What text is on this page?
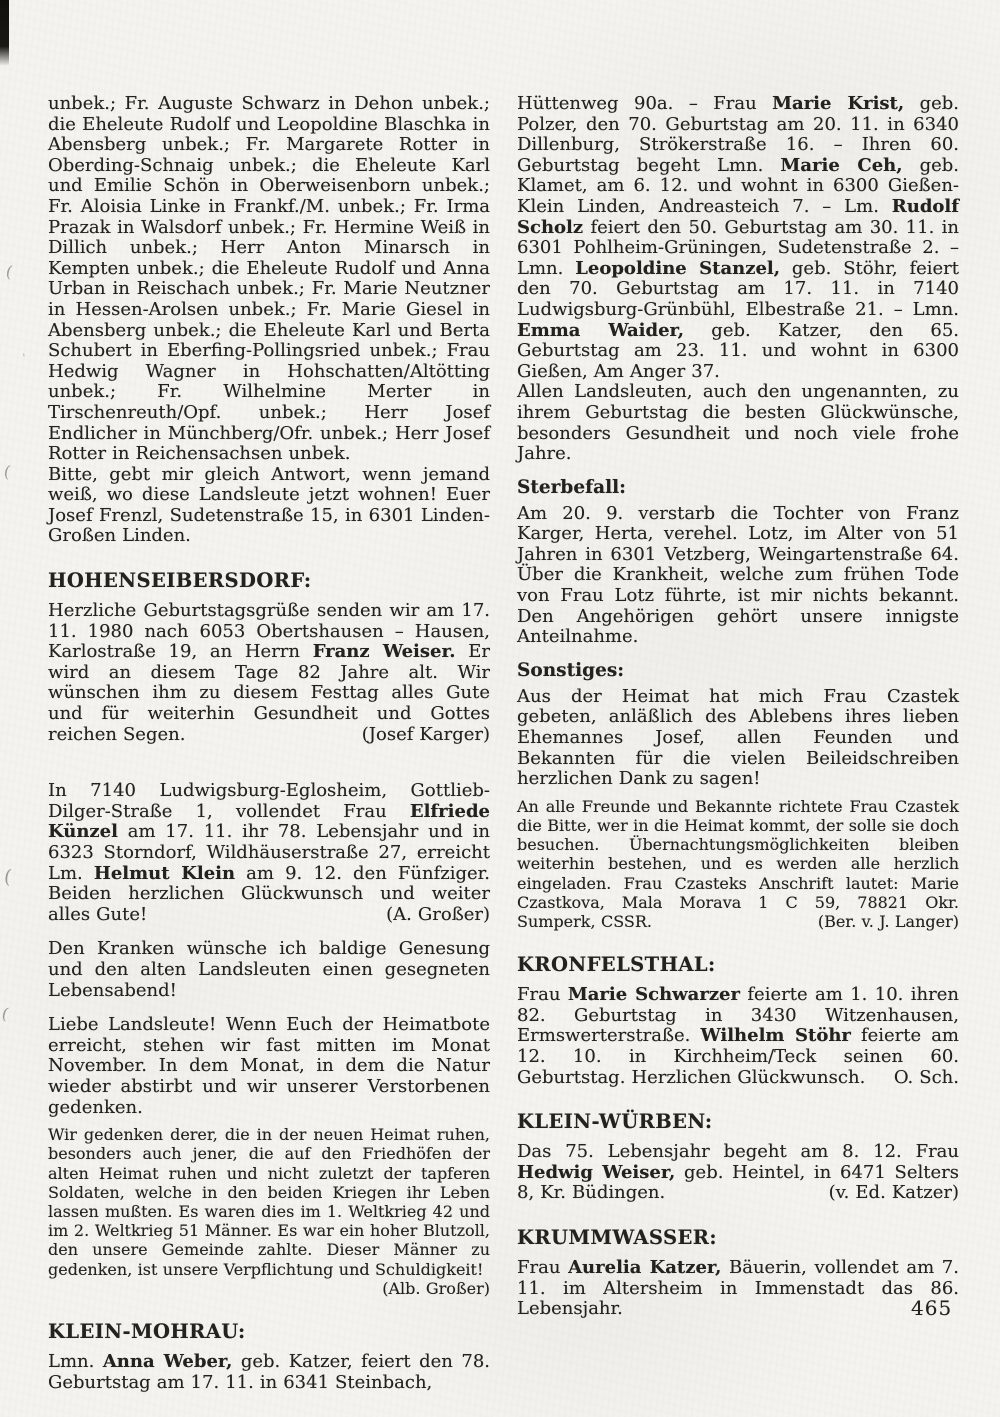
(
-
(
(
(

unbek.; Fr. Auguste Schwarz in Dehon unbek.; die Eheleute Rudolf und Leopoldine Blaschka in Abensberg unbek.; Fr. Margarete Rotter in Oberding-Schnaig unbek.; die Eheleute Karl und Emilie Schön in Oberweisenborn unbek.; Fr. Aloisia Linke in Frankf./M. unbek.; Fr. Irma Prazak in Walsdorf unbek.; Fr. Hermine Weiß in Dillich unbek.; Herr Anton Minarsch in Kempten unbek.; die Eheleute Rudolf und Anna Urban in Reischach unbek.; Fr. Marie Neutzner in Hessen-Arolsen unbek.; Fr. Marie Giesel in Abensberg unbek.; die Eheleute Karl und Berta Schubert in Eberfing-Pollingsried unbek.; Frau Hedwig Wagner in Hohschatten/Altötting unbek.; Fr. Wilhelmine Merter in Tirschenreuth/Opf. unbek.; Herr Josef Endlicher in Münchberg/Ofr. unbek.; Herr Josef Rotter in Reichensachsen unbek.

Bitte, gebt mir gleich Antwort, wenn jemand weiß, wo diese Landsleute jetzt wohnen! Euer Josef Frenzl, Sudetenstraße 15, in 6301 Linden-Großen Linden.

HOHENSEIBERSDORF:

Herzliche Geburtstagsgrüße senden wir am 17. 11. 1980 nach 6053 Obertshausen – Hausen, Karlostraße 19, an Herrn Franz Weiser. Er wird an diesem Tage 82 Jahre alt. Wir wünschen ihm zu diesem Festtag alles Gute und für weiterhin Gesundheit und Gottes reichen Segen.	(Josef Karger)

In 7140 Ludwigsburg-Eglosheim, Gottlieb-Dilger-Straße 1, vollendet Frau Elfriede Künzel am 17. 11. ihr 78. Lebensjahr und in 6323 Storndorf, Wildhäuserstraße 27, erreicht Lm. Helmut Klein am 9. 12. den Fünfziger. Beiden herzlichen Glückwunsch und weiter alles Gute!	(A. Großer)

Den Kranken wünsche ich baldige Genesung und den alten Landsleuten einen gesegneten Lebensabend!

Liebe Landsleute! Wenn Euch der Heimatbote erreicht, stehen wir fast mitten im Monat November. In dem Monat, in dem die Natur wieder abstirbt und wir unserer Verstorbenen gedenken.

Wir gedenken derer, die in der neuen Heimat ruhen, besonders auch jener, die auf den Friedhöfen der alten Heimat ruhen und nicht zuletzt der tapferen Soldaten, welche in den beiden Kriegen ihr Leben lassen mußten. Es waren dies im 1. Weltkrieg 42 und im 2. Weltkrieg 51 Männer. Es war ein hoher Blutzoll, den unsere Gemeinde zahlte. Dieser Männer zu gedenken, ist unsere Verpflichtung und Schuldigkeit!
(Alb. Großer)

KLEIN-MOHRAU:

Lmn. Anna Weber, geb. Katzer, feiert den 78. Geburtstag am 17. 11. in 6341 Steinbach,

Hüttenweg 90a. – Frau Marie Krist, geb. Polzer, den 70. Geburtstag am 20. 11. in 6340 Dillenburg, Strökerstraße 16. – Ihren 60. Geburtstag begeht Lmn. Marie Ceh, geb. Klamet, am 6. 12. und wohnt in 6300 Gießen-Klein Linden, Andreasteich 7. – Lm. Rudolf Scholz feiert den 50. Geburtstag am 30. 11. in 6301 Pohlheim-Grüningen, Sudetenstraße 2. – Lmn. Leopoldine Stanzel, geb. Stöhr, feiert den 70. Geburtstag am 17. 11. in 7140 Ludwigsburg-Grünbühl, Elbestraße 21. – Lmn. Emma Waider, geb. Katzer, den 65. Geburtstag am 23. 11. und wohnt in 6300 Gießen, Am Anger 37.

Allen Landsleuten, auch den ungenannten, zu ihrem Geburtstag die besten Glückwünsche, besonders Gesundheit und noch viele frohe Jahre.

Sterbefall:

Am 20. 9. verstarb die Tochter von Franz Karger, Herta, verehel. Lotz, im Alter von 51 Jahren in 6301 Vetzberg, Weingartenstraße 64. Über die Krankheit, welche zum frühen Tode von Frau Lotz führte, ist mir nichts bekannt. Den Angehörigen gehört unsere innigste Anteilnahme.

Sonstiges:

Aus der Heimat hat mich Frau Czastek gebeten, anläßlich des Ablebens ihres lieben Ehemannes Josef, allen Feunden und Bekannten für die vielen Beileidschreiben herzlichen Dank zu sagen!

An alle Freunde und Bekannte richtete Frau Czastek die Bitte, wer in die Heimat kommt, der solle sie doch besuchen. Übernachtungsmöglichkeiten bleiben weiterhin bestehen, und es werden alle herzlich eingeladen. Frau Czasteks Anschrift lautet: Marie Czastkova, Mala Morava 1 C 59, 78821 Okr. Sumperk, CSSR.	(Ber. v. J. Langer)

KRONFELSTHAL:

Frau Marie Schwarzer feierte am 1. 10. ihren 82. Geburtstag in 3430 Witzenhausen, Ermswerterstraße. Wilhelm Stöhr feierte am 12. 10. in Kirchheim/Teck seinen 60. Geburtstag. Herzlichen Glückwunsch.	O. Sch.

KLEIN-WÜRBEN:

Das 75. Lebensjahr begeht am 8. 12. Frau Hedwig Weiser, geb. Heintel, in 6471 Selters 8, Kr. Büdingen.	(v. Ed. Katzer)

KRUMMWASSER:

Frau Aurelia Katzer, Bäuerin, vollendet am 7. 11. im Altersheim in Immenstadt das 86. Lebensjahr.	465
